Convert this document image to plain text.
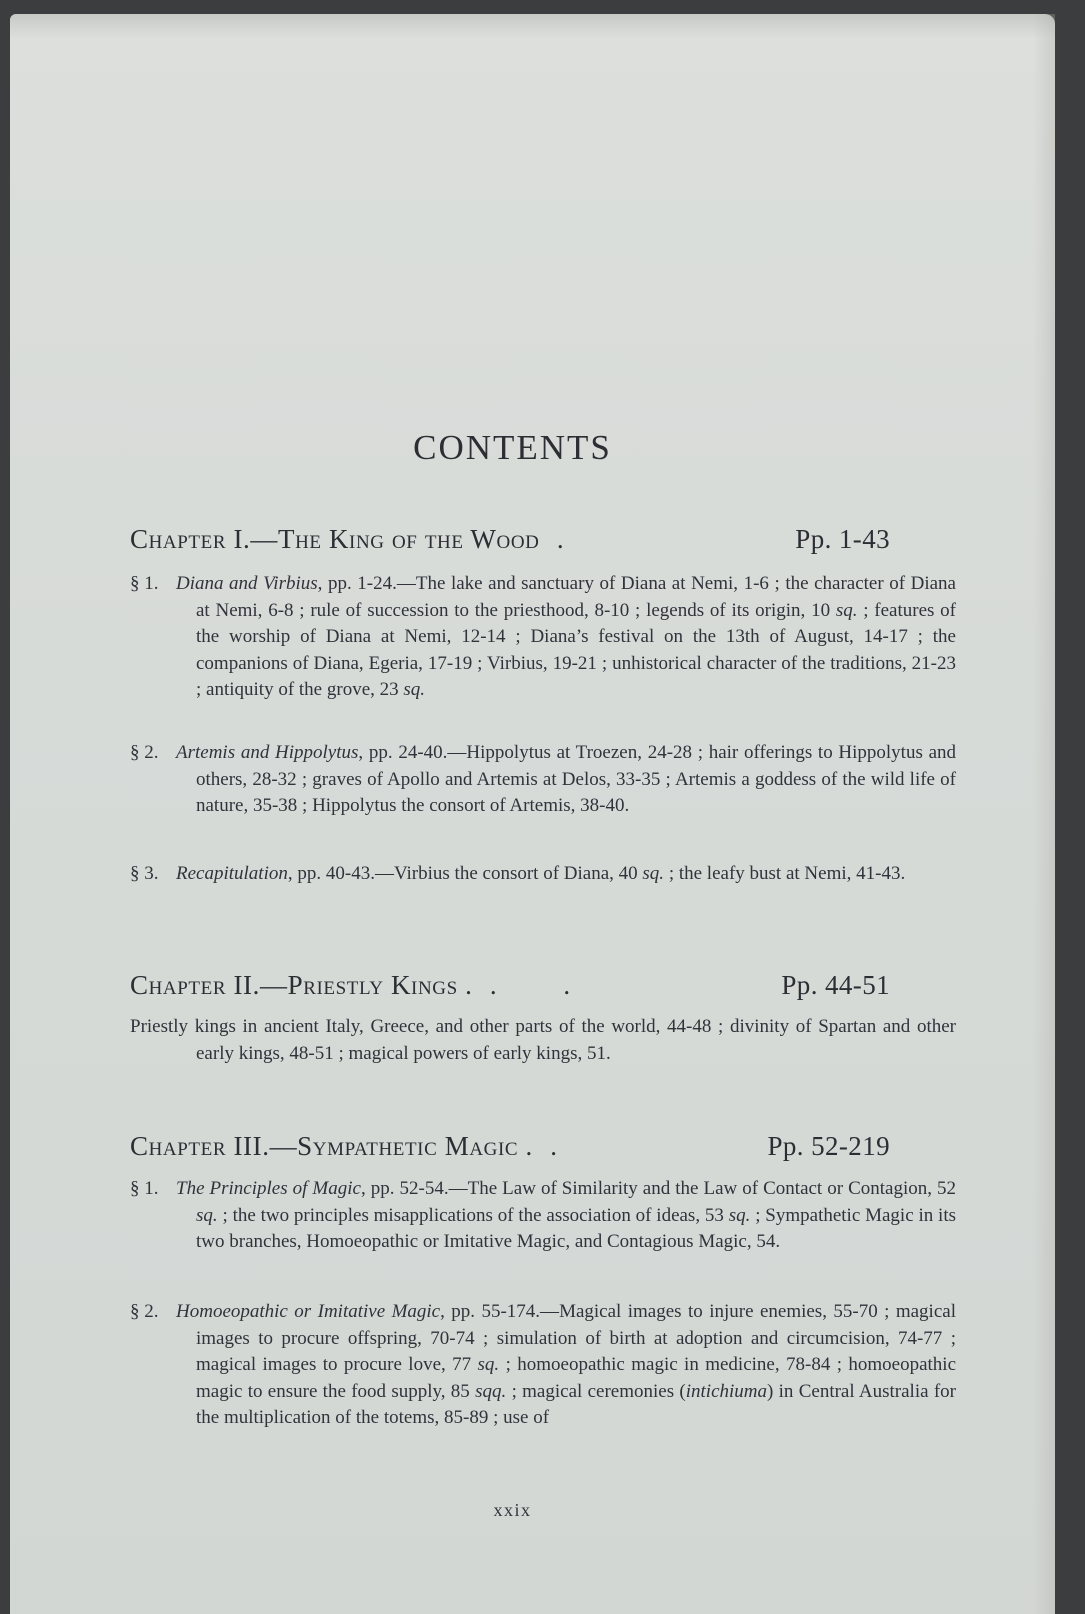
CONTENTS
Chapter I.—The King of the Wood .	Pp. 1-43
§ 1. Diana and Virbius, pp. 1-24.—The lake and sanctuary of Diana at Nemi, 1-6 ; the character of Diana at Nemi, 6-8 ; rule of succession to the priesthood, 8-10 ; legends of its origin, 10 sq. ; features of the worship of Diana at Nemi, 12-14 ; Diana’s festival on the 13th of August, 14-17 ; the companions of Diana, Egeria, 17-19 ; Virbius, 19-21 ; unhistorical character of the traditions, 21-23 ; antiquity of the grove, 23 sq.
§ 2. Artemis and Hippolytus, pp. 24-40.—Hippolytus at Troezen, 24-28 ; hair offerings to Hippolytus and others, 28-32 ; graves of Apollo and Artemis at Delos, 33-35 ; Artemis a goddess of the wild life of nature, 35-38 ; Hippolytus the consort of Artemis, 38-40.
§ 3. Recapitulation, pp. 40-43.—Virbius the consort of Diana, 40 sq. ; the leafy bust at Nemi, 41-43.
Chapter II.—Priestly Kings . . .	Pp. 44-51
Priestly kings in ancient Italy, Greece, and other parts of the world, 44-48 ; divinity of Spartan and other early kings, 48-51 ; magical powers of early kings, 51.
Chapter III.—Sympathetic Magic . .	Pp. 52-219
§ 1. The Principles of Magic, pp. 52-54.—The Law of Similarity and the Law of Contact or Contagion, 52 sq. ; the two principles misapplications of the association of ideas, 53 sq. ; Sympathetic Magic in its two branches, Homoeopathic or Imitative Magic, and Contagious Magic, 54.
§ 2. Homoeopathic or Imitative Magic, pp. 55-174.—Magical images to injure enemies, 55-70 ; magical images to procure offspring, 70-74 ; simulation of birth at adoption and circumcision, 74-77 ; magical images to procure love, 77 sq. ; homoeopathic magic in medicine, 78-84 ; homoeopathic magic to ensure the food supply, 85 sqq. ; magical ceremonies (intichiuma) in Central Australia for the multiplication of the totems, 85-89 ; use of
xxix
